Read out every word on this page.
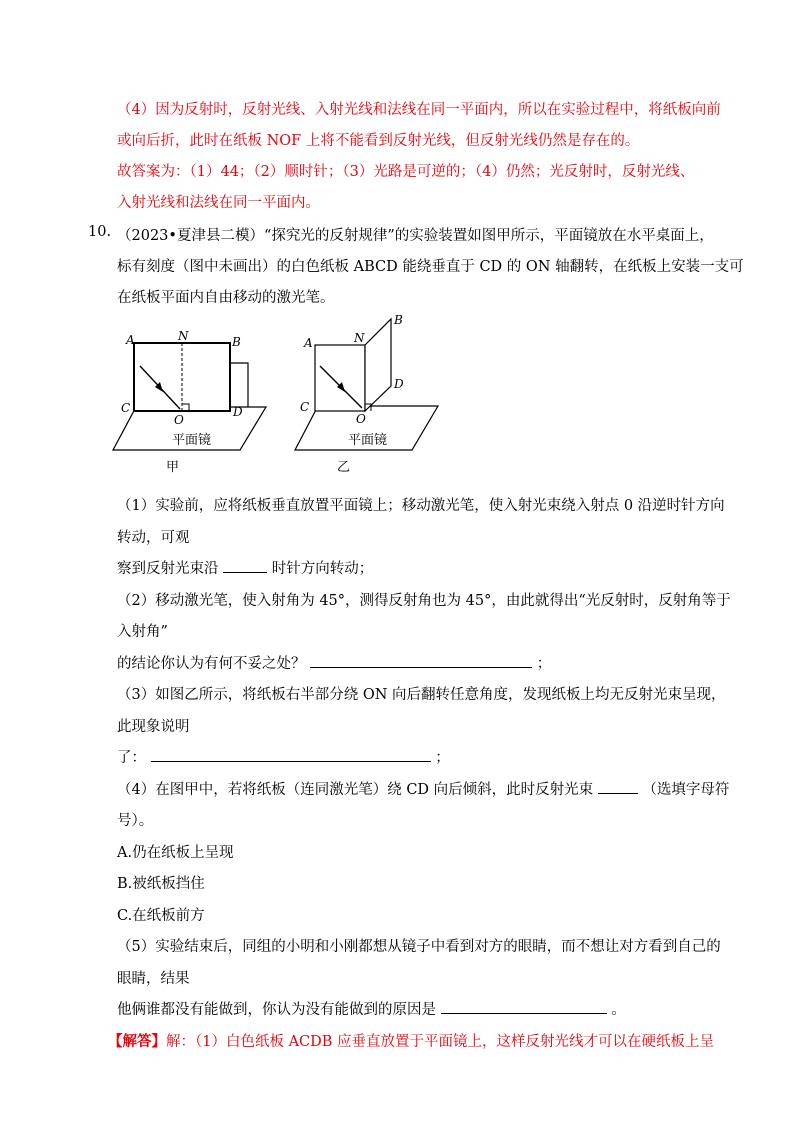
（4）因为反射时，反射光线、入射光线和法线在同一平面内，所以在实验过程中，将纸板向前
或向后折，此时在纸板 NOF 上将不能看到反射光线，但反射光线仍然是存在的。
故答案为：（1）44；（2）顺时针；（3）光路是可逆的；（4）仍然；光反射时，反射光线、
入射光线和法线在同一平面内。
10. （2023•夏津县二模）“探究光的反射规律”的实验装置如图甲所示，平面镜放在水平桌面上，
标有刻度（图中未画出）的白色纸板 ABCD 能绕垂直于 CD 的 ON 轴翻转，在纸板上安装一支可
在纸板平面内自由移动的激光笔。
A	N	B
C
O
D
平面镜
甲
A	N
B
C
O
D
平面镜
乙
（1）实验前，应将纸板垂直放置平面镜上；移动激光笔，使入射光束绕入射点 0 沿逆时针方向
转动，可观
察到反射光束沿	时针方向转动；
（2）移动激光笔，使入射角为 45°，测得反射角也为 45°，由此就得出“光反射时，反射角等于
入射角”
的结论你认为有何不妥之处？	；
（3）如图乙所示，将纸板右半部分绕 ON 向后翻转任意角度，发现纸板上均无反射光束呈现，
此现象说明
了：	；
（4）在图甲中，若将纸板（连同激光笔）绕 CD 向后倾斜，此时反射光束	（选填字母符
号）。
A.仍在纸板上呈现
B.被纸板挡住
C.在纸板前方
（5）实验结束后，同组的小明和小刚都想从镜子中看到对方的眼睛，而不想让对方看到自己的
眼睛，结果
他俩谁都没有能做到，你认为没有能做到的原因是	。
【解答】解：（1）白色纸板 ACDB 应垂直放置于平面镜上，这样反射光线才可以在硬纸板上呈
